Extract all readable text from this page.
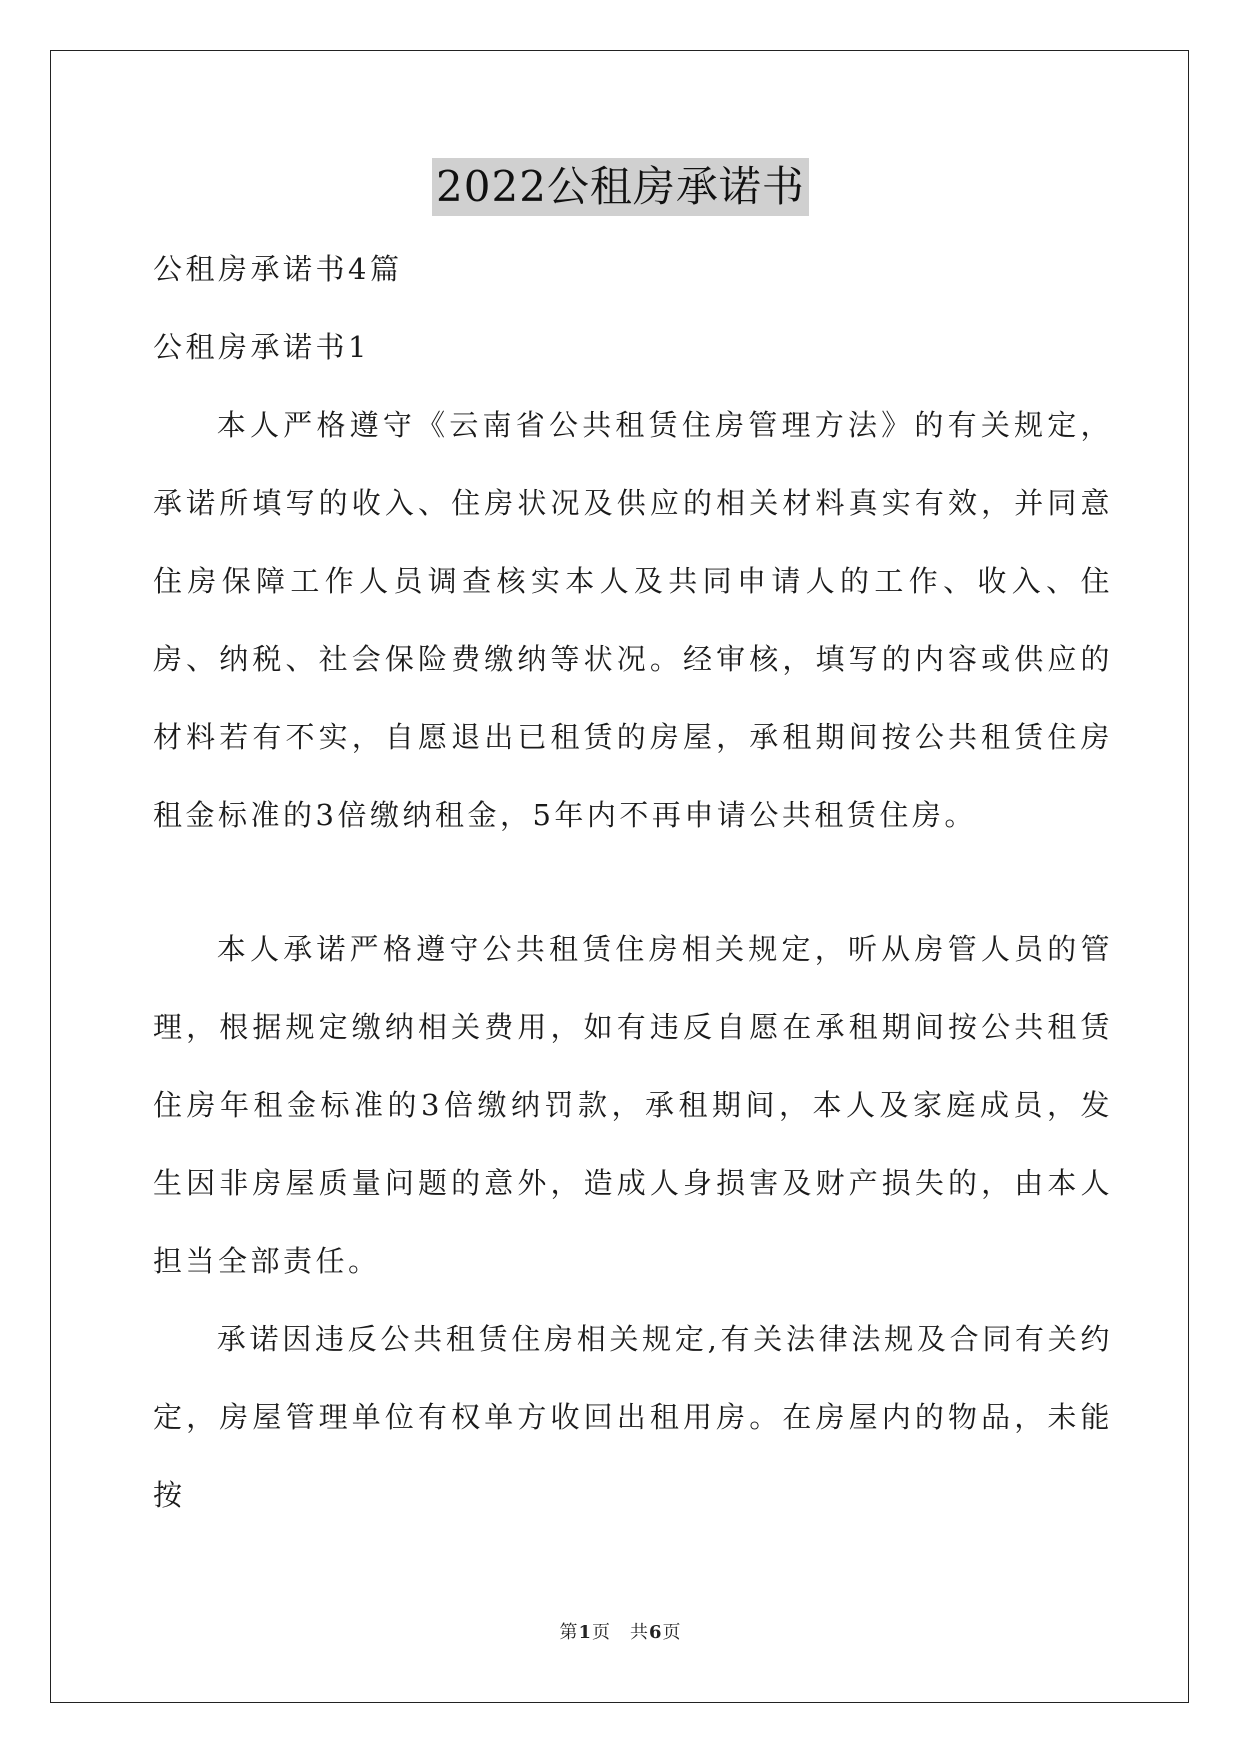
2022公租房承诺书
公租房承诺书4篇
公租房承诺书1

本人严格遵守《云南省公共租赁住房管理方法》的有关规定，承诺所填写的收入、住房状况及供应的相关材料真实有效，并同意住房保障工作人员调查核实本人及共同申请人的工作、收入、住房、纳税、社会保险费缴纳等状况。经审核，填写的内容或供应的材料若有不实，自愿退出已租赁的房屋，承租期间按公共租赁住房租金标准的3倍缴纳租金，5年内不再申请公共租赁住房。

本人承诺严格遵守公共租赁住房相关规定，听从房管人员的管理，根据规定缴纳相关费用，如有违反自愿在承租期间按公共租赁住房年租金标准的3倍缴纳罚款，承租期间，本人及家庭成员，发生因非房屋质量问题的意外，造成人身损害及财产损失的，由本人担当全部责任。

承诺因违反公共租赁住房相关规定,有关法律法规及合同有关约定，房屋管理单位有权单方收回出租用房。在房屋内的物品，未能按

第1页　共6页
